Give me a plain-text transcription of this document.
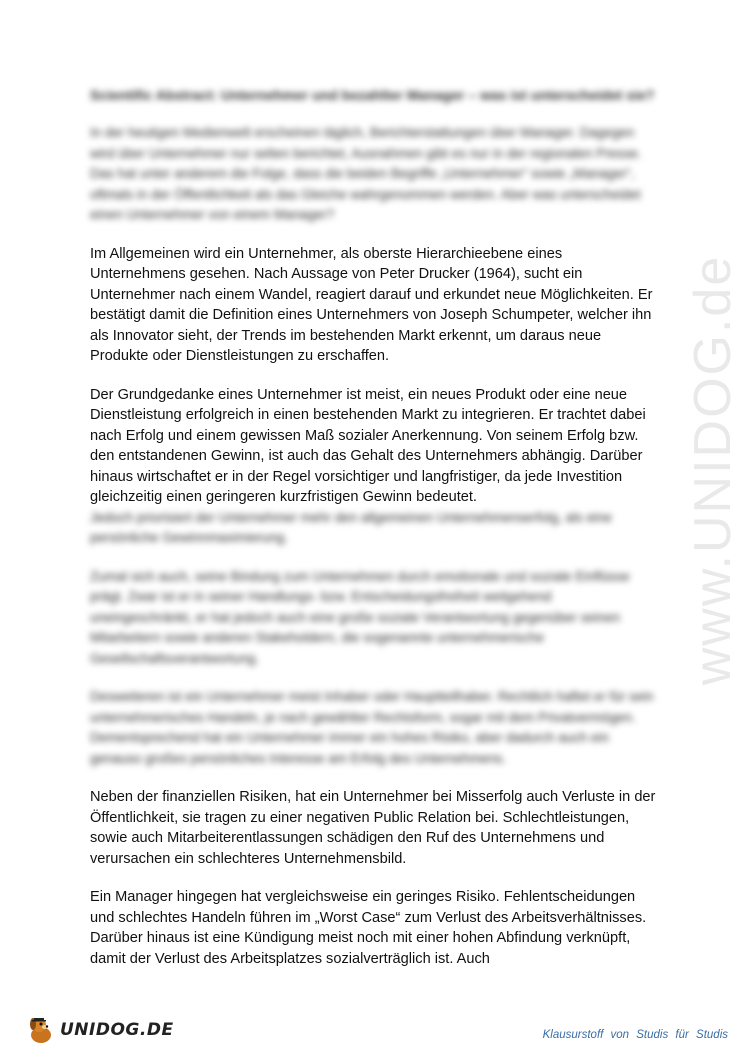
www.UNIDOG.de
Scientific Abstract: Unternehmer und bezahlter Manager – was ist unterscheidet sie?

In der heutigen Medienwelt erscheinen täglich, Berichterstattungen über Manager. Dagegen wird über Unternehmer nur selten berichtet, Ausnahmen gibt es nur in der regionalen Presse. Das hat unter anderem die Folge, dass die beiden Begriffe „Unternehmer“ sowie „Manager“, oftmals in der Öffentlichkeit als das Gleiche wahrgenommen werden. Aber was unterscheidet einen Unternehmer von einem Manager?

Im Allgemeinen wird ein Unternehmer, als oberste Hierarchieebene eines Unternehmens gesehen. Nach Aussage von Peter Drucker (1964), sucht ein Unternehmer nach einem Wandel, reagiert darauf und erkundet neue Möglichkeiten. Er bestätigt damit die Definition eines Unternehmers von Joseph Schumpeter, welcher ihn als Innovator sieht, der Trends im bestehenden Markt erkennt, um daraus neue Produkte oder Dienstleistungen zu erschaffen.

Der Grundgedanke eines Unternehmer ist meist, ein neues Produkt oder eine neue Dienstleistung erfolgreich in einen bestehenden Markt zu integrieren. Er trachtet dabei nach Erfolg und einem gewissen Maß sozialer Anerkennung. Von seinem Erfolg bzw. den entstandenen Gewinn, ist auch das Gehalt des Unternehmers abhängig. Darüber hinaus wirtschaftet er in der Regel vorsichtiger und langfristiger, da jede Investition gleichzeitig einen geringeren kurzfristigen Gewinn bedeutet.
Jedoch priorisiert der Unternehmer mehr den allgemeinen Unternehmenserfolg, als eine persönliche Gewinnmaximierung.

Zumal sich auch, seine Bindung zum Unternehmen durch emotionale und soziale Einflüsse prägt. Zwar ist er in seiner Handlungs- bzw. Entscheidungsfreiheit weitgehend uneingeschränkt, er hat jedoch auch eine große soziale Verantwortung gegenüber seinen Mitarbeitern sowie anderen Stakeholdern, die sogenannte unternehmerische Gesellschaftsverantwortung.

Desweiteren ist ein Unternehmer meist Inhaber oder Hauptteilhaber. Rechtlich haftet er für sein unternehmerisches Handeln, je nach gewählter Rechtsform, sogar mit dem Privatvermögen. Dementsprechend hat ein Unternehmer immer ein hohes Risiko, aber dadurch auch ein genauso großes persönliches Interesse am Erfolg des Unternehmens.

Neben der finanziellen Risiken, hat ein Unternehmer bei Misserfolg auch Verluste in der Öffentlichkeit, sie tragen zu einer negativen Public Relation bei. Schlechtleistungen, sowie auch Mitarbeiterentlassungen schädigen den Ruf des Unternehmens und verursachen ein schlechteres Unternehmensbild.

Ein Manager hingegen hat vergleichsweise ein geringes Risiko. Fehlentscheidungen und schlechtes Handeln führen im „Worst Case“ zum Verlust des Arbeitsverhältnisses. Darüber hinaus ist eine Kündigung meist noch mit einer hohen Abfindung verknüpft, damit der Verlust des Arbeitsplatzes sozialverträglich ist. Auch

UNIDOG.DE	Klausurstoff von Studis für Studis
